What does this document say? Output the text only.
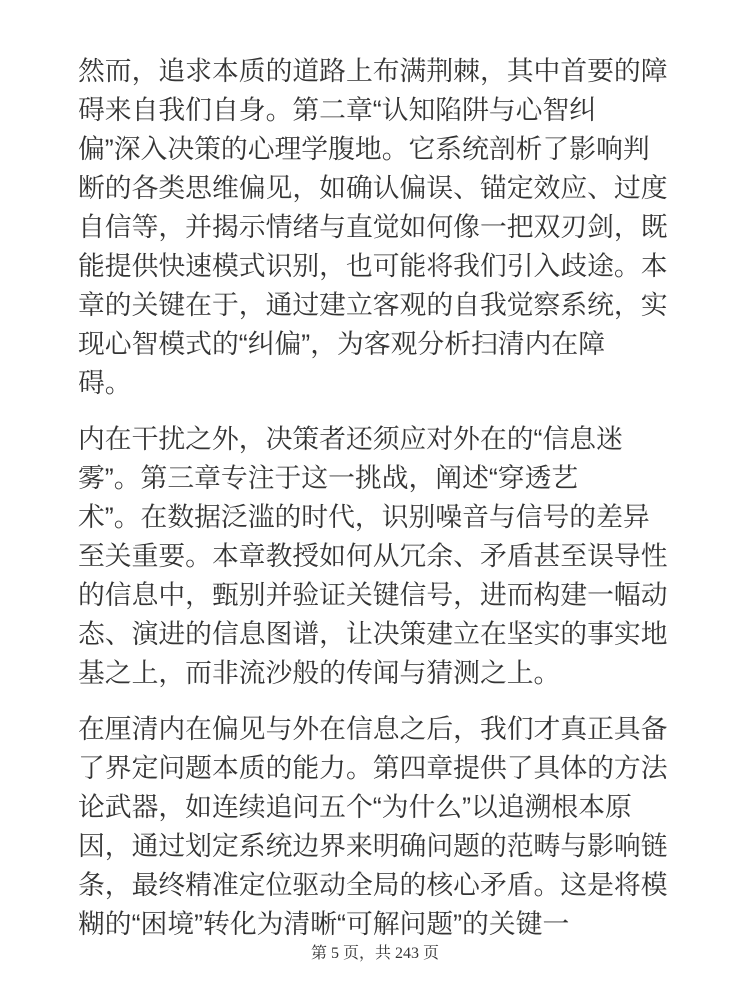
然而，追求本质的道路上布满荆棘，其中首要的障
碍来自我们自身。第二章“认知陷阱与心智纠
偏”深入决策的心理学腹地。它系统剖析了影响判
断的各类思维偏见，如确认偏误、锚定效应、过度
自信等，并揭示情绪与直觉如何像一把双刃剑，既
能提供快速模式识别，也可能将我们引入歧途。本
章的关键在于，通过建立客观的自我觉察系统，实
现心智模式的“纠偏”，为客观分析扫清内在障
碍。
内在干扰之外，决策者还须应对外在的“信息迷
雾”。第三章专注于这一挑战，阐述“穿透艺
术”。在数据泛滥的时代，识别噪音与信号的差异
至关重要。本章教授如何从冗余、矛盾甚至误导性
的信息中，甄别并验证关键信号，进而构建一幅动
态、演进的信息图谱，让决策建立在坚实的事实地
基之上，而非流沙般的传闻与猜测之上。
在厘清内在偏见与外在信息之后，我们才真正具备
了界定问题本质的能力。第四章提供了具体的方法
论武器，如连续追问五个“为什么”以追溯根本原
因，通过划定系统边界来明确问题的范畴与影响链
条，最终精准定位驱动全局的核心矛盾。这是将模
糊的“困境”转化为清晰“可解问题”的关键一
第 5 页，共 243 页
